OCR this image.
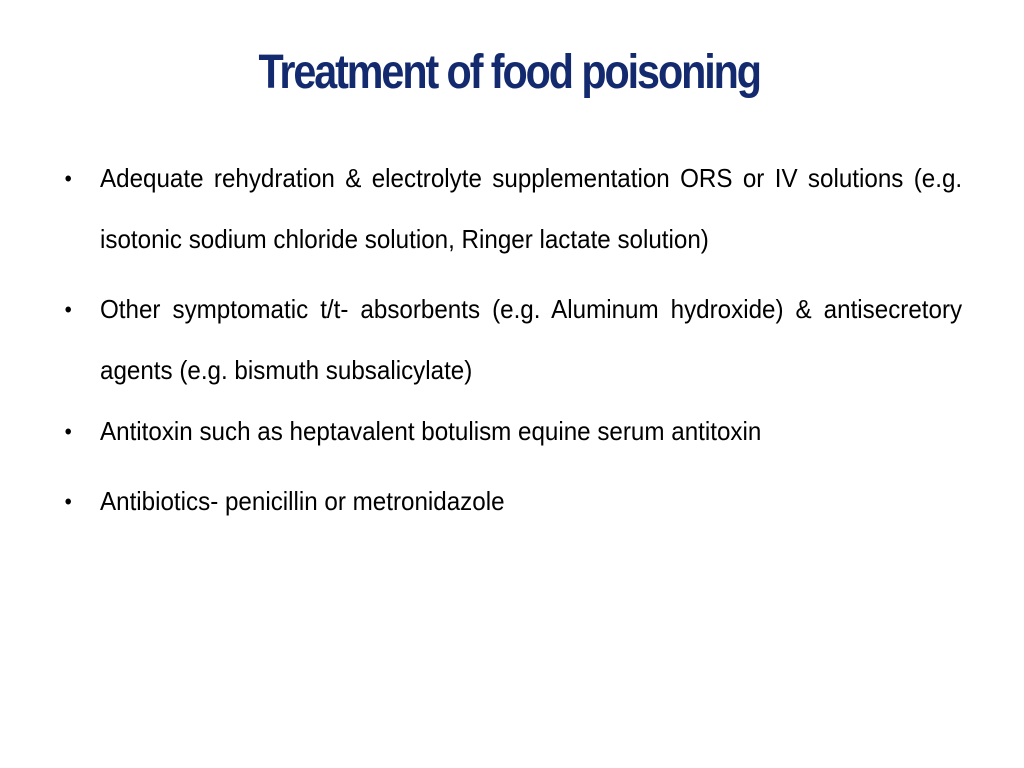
Treatment of food poisoning
• Adequate rehydration & electrolyte supplementation ORS or IV solutions (e.g. isotonic sodium chloride solution, Ringer lactate solution)
• Other symptomatic t/t- absorbents (e.g. Aluminum hydroxide) & antisecretory agents (e.g. bismuth subsalicylate)
• Antitoxin such as heptavalent botulism equine serum antitoxin
• Antibiotics- penicillin or metronidazole
